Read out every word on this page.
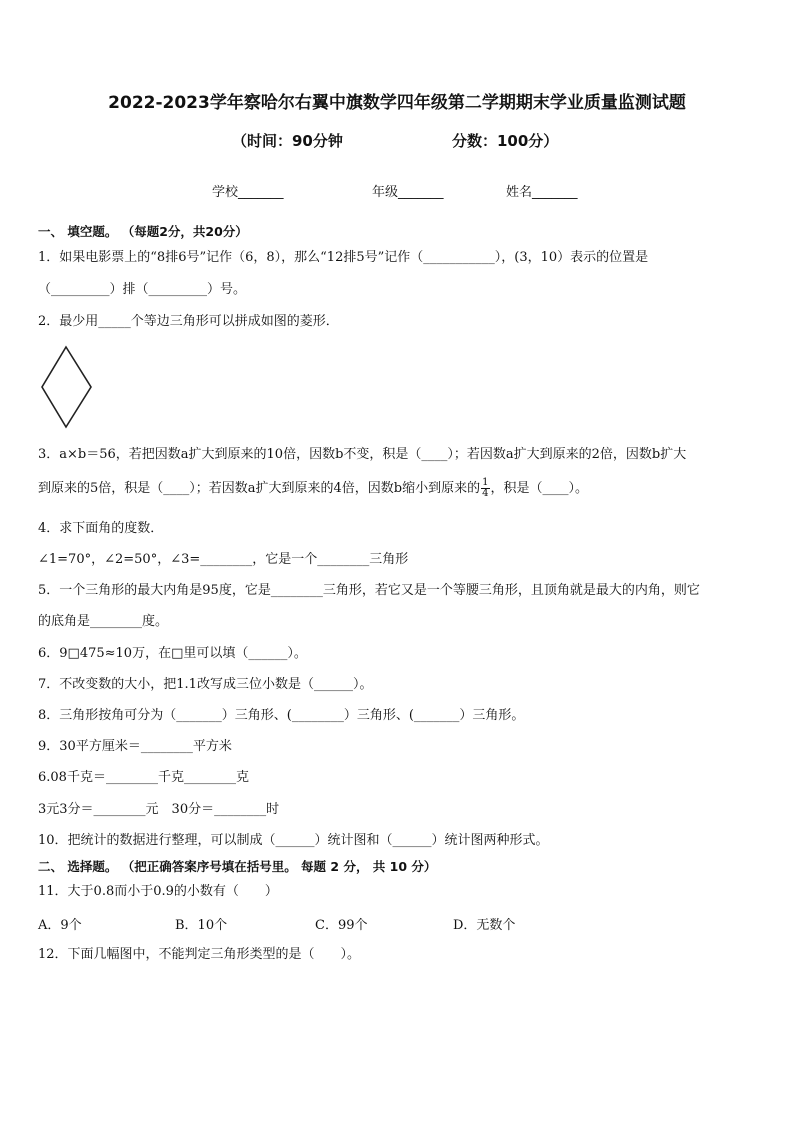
2022-2023学年察哈尔右翼中旗数学四年级第二学期期末学业质量监测试题
（时间：90分钟	分数：100分）
学校_______	年级_______	姓名_______
一、 填空题。 （每题2分，共20分）
1．如果电影票上的“8排6号”记作（6，8），那么“12排5号”记作（___________），(3，10）表示的位置是
（_________）排（_________）号。
2．最少用_____个等边三角形可以拼成如图的菱形．
3．a×b＝56，若把因数a扩大到原来的10倍，因数b不变，积是（____）；若因数a扩大到原来的2倍，因数b扩大
到原来的5倍，积是（____）；若因数a扩大到原来的4倍，因数b缩小到原来的 $\frac{1}{4}$ ，积是（____）。
4．求下面角的度数．
∠1=70°，∠2=50°，∠3=________，它是一个________三角形
5．一个三角形的最大内角是95度，它是________三角形，若它又是一个等腰三角形，且顶角就是最大的内角，则它
的底角是________度。
6．9□475≈10万，在□里可以填（______）。
7．不改变数的大小，把1.1改写成三位小数是（______）。
8．三角形按角可分为（_______）三角形、(________）三角形、(_______）三角形。
9．30平方厘米＝________平方米
6.08千克＝________千克________克
3元3分＝________元　30分＝________时
10．把统计的数据进行整理，可以制成（______）统计图和（______）统计图两种形式。
二、 选择题。 （把正确答案序号填在括号里。 每题 2 分， 共 10 分）
11．大于0.8而小于0.9的小数有（　　）
A．9个	B．10个	C．99个	D．无数个
12．下面几幅图中，不能判定三角形类型的是（　　）。
